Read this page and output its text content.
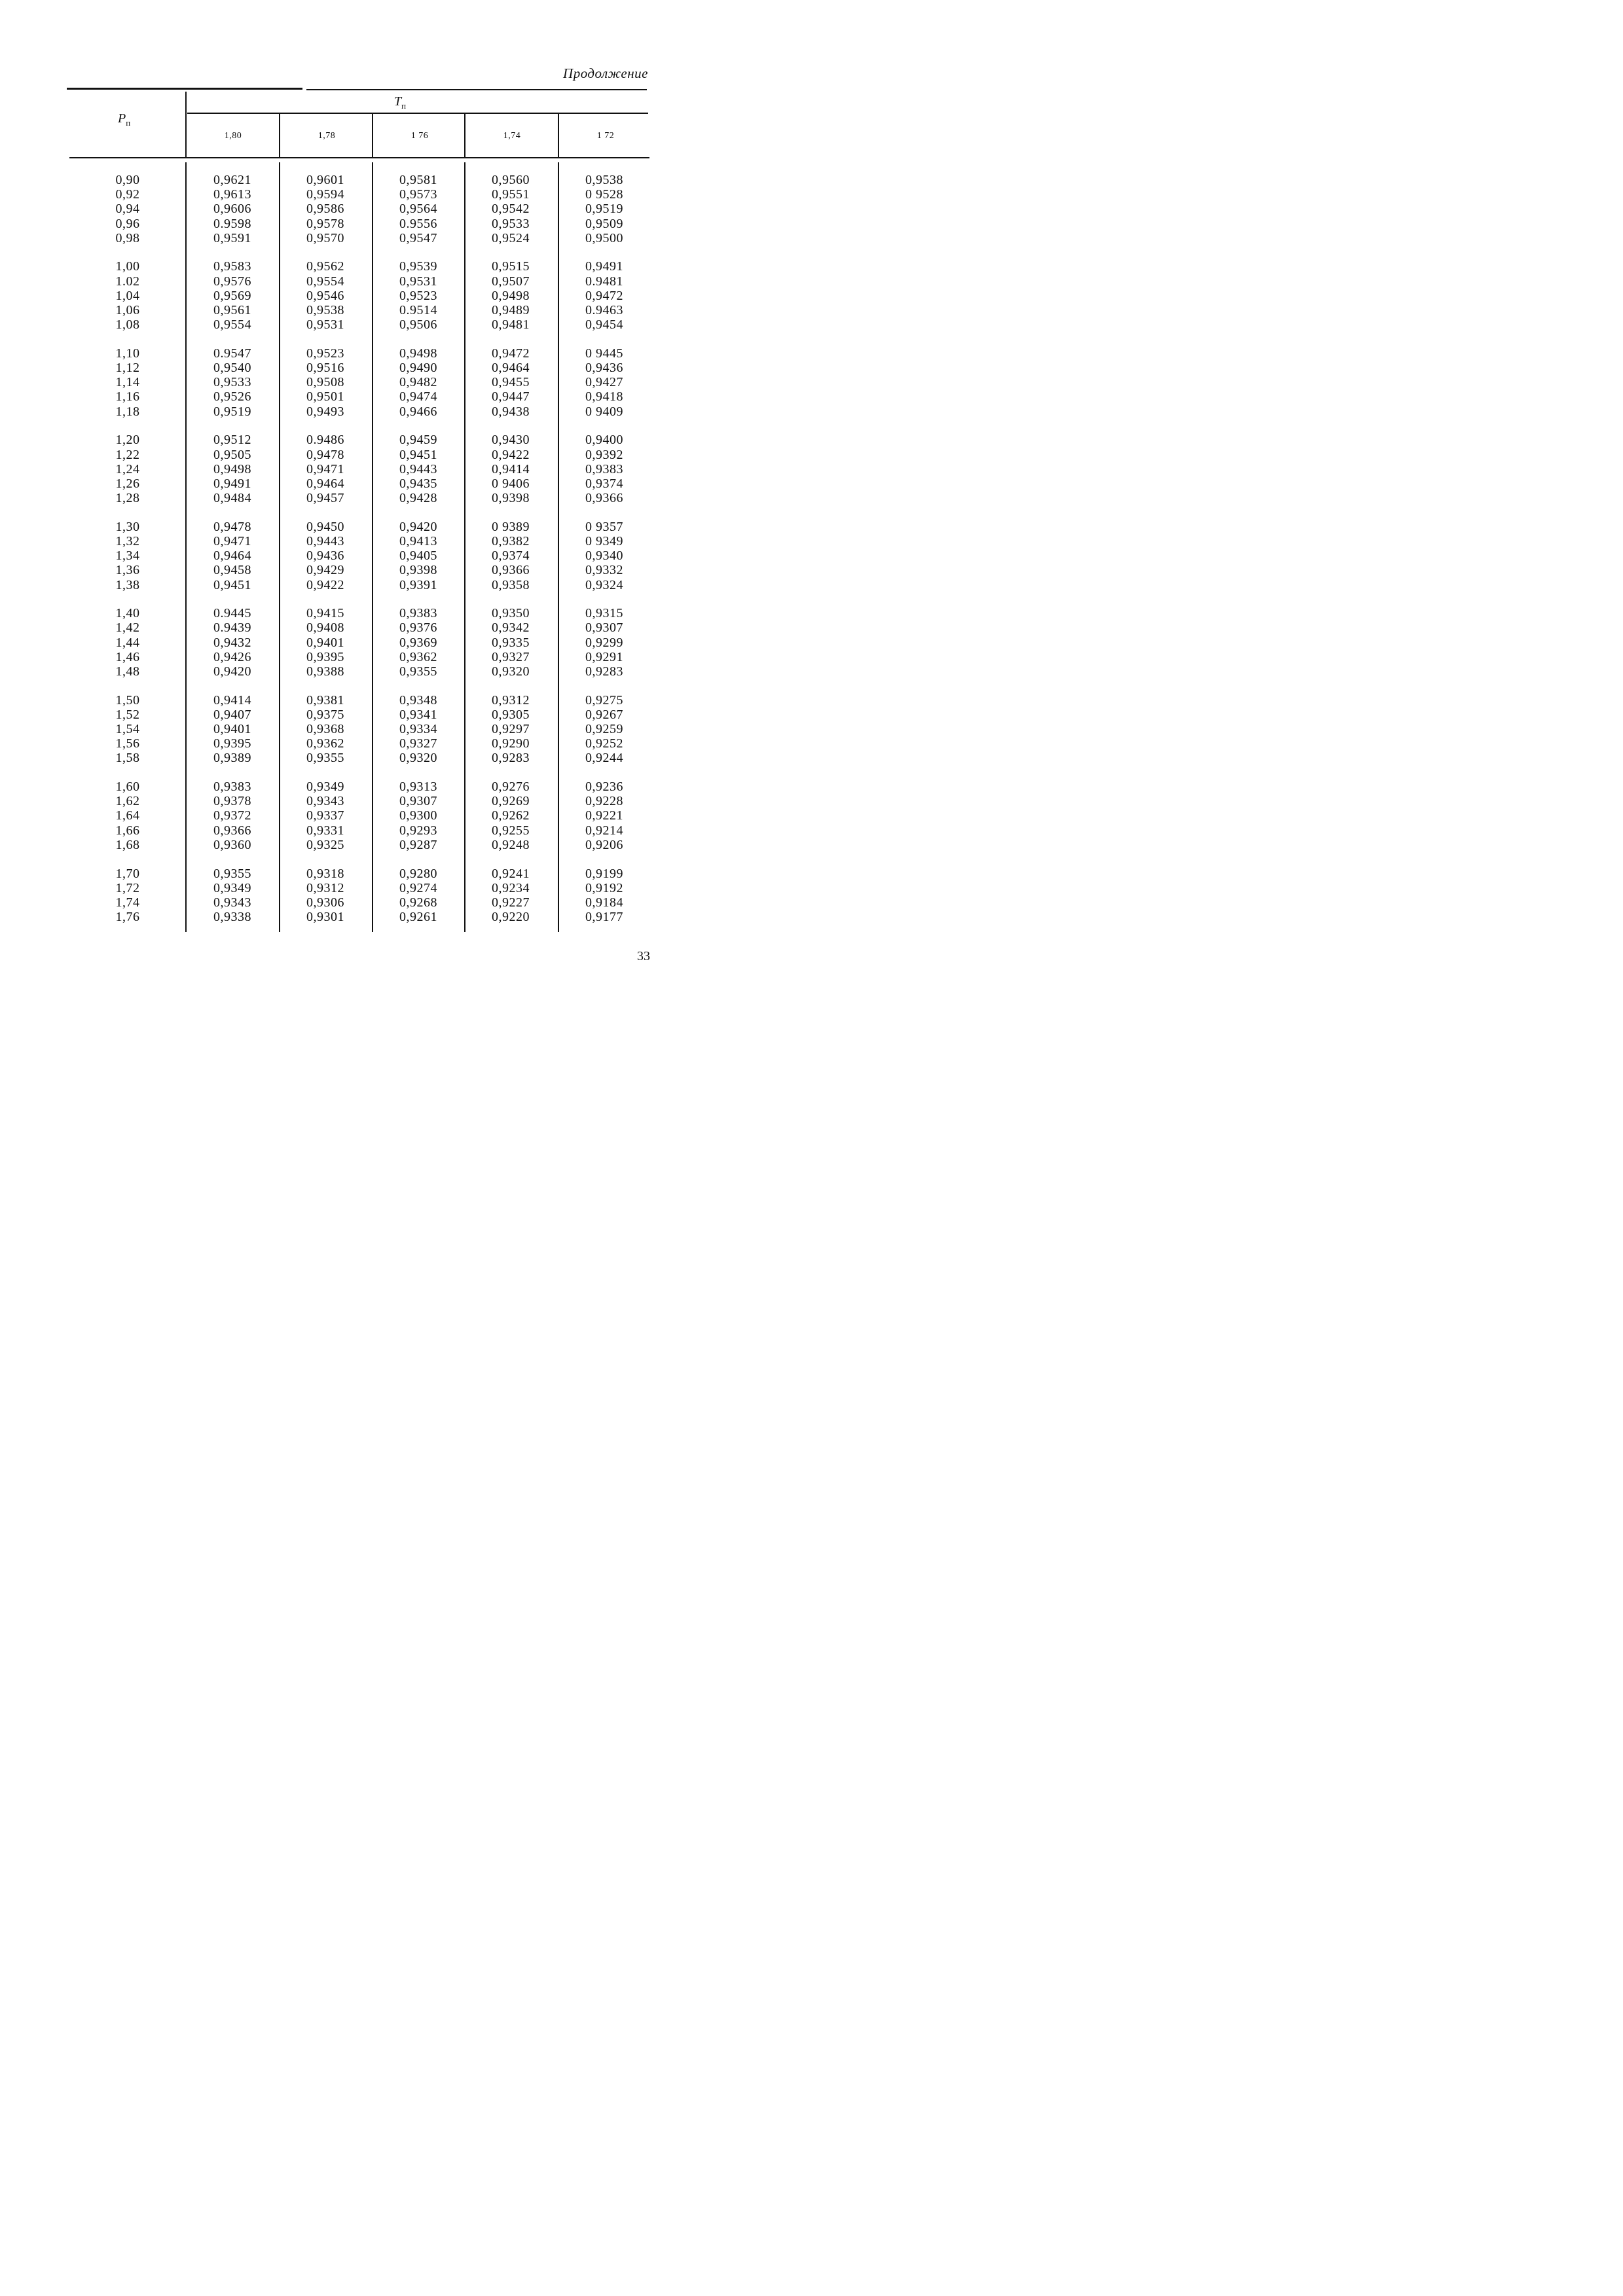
Продолжение
$P_п$
$T_п$
1,80	1,78	1 76	1,74	1 72
0,90	0,9621	0,9601	0,9581	0,9560	0,9538
0,92	0,9613	0,9594	0,9573	0,9551	0 9528
0,94	0,9606	0,9586	0,9564	0,9542	0,9519
0,96	0.9598	0,9578	0.9556	0,9533	0,9509
0,98	0,9591	0,9570	0,9547	0,9524	0,9500
1,00	0,9583	0,9562	0,9539	0,9515	0,9491
1.02	0,9576	0,9554	0,9531	0,9507	0.9481
1,04	0,9569	0,9546	0,9523	0,9498	0,9472
1,06	0,9561	0,9538	0.9514	0,9489	0.9463
1,08	0,9554	0,9531	0,9506	0,9481	0,9454
1,10	0.9547	0,9523	0,9498	0,9472	0 9445
1,12	0,9540	0,9516	0,9490	0,9464	0,9436
1,14	0,9533	0,9508	0,9482	0,9455	0,9427
1,16	0,9526	0,9501	0,9474	0,9447	0,9418
1,18	0,9519	0,9493	0,9466	0,9438	0 9409
1,20	0,9512	0.9486	0,9459	0,9430	0,9400
1,22	0,9505	0,9478	0,9451	0,9422	0,9392
1,24	0,9498	0,9471	0,9443	0,9414	0,9383
1,26	0,9491	0,9464	0,9435	0 9406	0,9374
1,28	0,9484	0,9457	0,9428	0,9398	0,9366
1,30	0,9478	0,9450	0,9420	0 9389	0 9357
1,32	0,9471	0,9443	0,9413	0,9382	0 9349
1,34	0,9464	0,9436	0,9405	0,9374	0,9340
1,36	0,9458	0,9429	0,9398	0,9366	0,9332
1,38	0,9451	0,9422	0,9391	0,9358	0,9324
1,40	0.9445	0,9415	0,9383	0,9350	0,9315
1,42	0.9439	0,9408	0,9376	0,9342	0,9307
1,44	0,9432	0,9401	0,9369	0,9335	0,9299
1,46	0,9426	0,9395	0,9362	0,9327	0,9291
1,48	0,9420	0,9388	0,9355	0,9320	0,9283
1,50	0,9414	0,9381	0,9348	0,9312	0,9275
1,52	0,9407	0,9375	0,9341	0,9305	0,9267
1,54	0,9401	0,9368	0,9334	0,9297	0,9259
1,56	0,9395	0,9362	0,9327	0,9290	0,9252
1,58	0,9389	0,9355	0,9320	0,9283	0,9244
1,60	0,9383	0,9349	0,9313	0,9276	0,9236
1,62	0,9378	0,9343	0,9307	0,9269	0,9228
1,64	0,9372	0,9337	0,9300	0,9262	0,9221
1,66	0,9366	0,9331	0,9293	0,9255	0,9214
1,68	0,9360	0,9325	0,9287	0,9248	0,9206
1,70	0,9355	0,9318	0,9280	0,9241	0,9199
1,72	0,9349	0,9312	0,9274	0,9234	0,9192
1,74	0,9343	0,9306	0,9268	0,9227	0,9184
1,76	0,9338	0,9301	0,9261	0,9220	0,9177
33
